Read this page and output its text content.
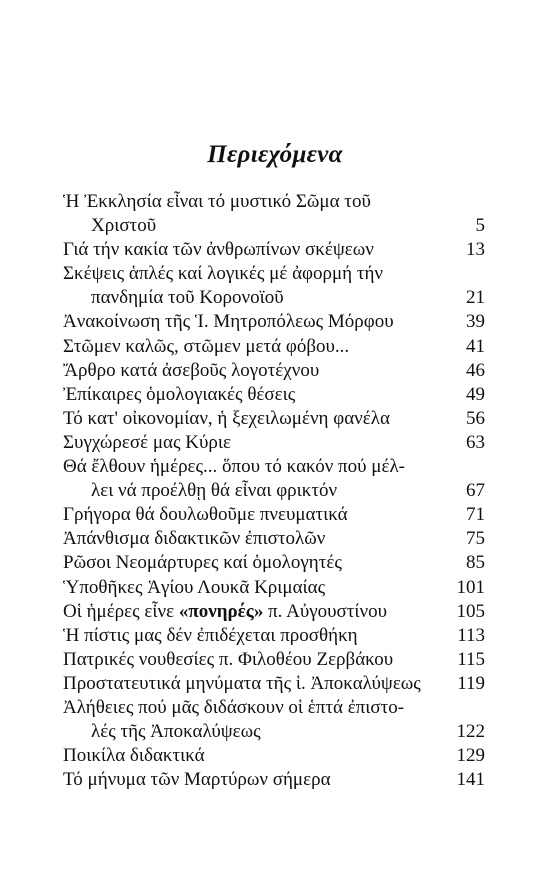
Περιεχόμενα
Ἡ Ἐκκλησία εἶναι τό μυστικό Σῶμα τοῦ
Χριστοῦ	5
Γιά τήν κακία τῶν ἀνθρωπίνων σκέψεων	13
Σκέψεις ἁπλές καί λογικές μέ ἀφορμή τήν
πανδημία τοῦ Κορονοϊοῦ	21
Ἀνακοίνωση τῆς Ἱ. Μητροπόλεως Μόρφου	39
Στῶμεν καλῶς, στῶμεν μετά φόβου...	41
Ἄρθρο κατά ἀσεβοῦς λογοτέχνου	46
Ἐπίκαιρες ὁμολογιακές θέσεις	49
Τό κατ' οἰκονομίαν, ἡ ξεχειλωμένη φανέλα	56
Συγχώρεσέ μας Κύριε	63
Θά ἔλθουν ἡμέρες... ὅπου τό κακόν πού μέλ-
λει νά προέλθῃ θά εἶναι φρικτόν	67
Γρήγορα θά δουλωθοῦμε πνευματικά	71
Ἀπάνθισμα διδακτικῶν ἐπιστολῶν	75
Ρῶσοι Νεομάρτυρες καί ὁμολογητές	85
Ὑποθῆκες Ἁγίου Λουκᾶ Κριμαίας	101
Οἱ ἡμέρες εἶνε «πονηρές» π. Αὐγουστίνου	105
Ἡ πίστις μας δέν ἐπιδέχεται προσθήκη	113
Πατρικές νουθεσίες π. Φιλοθέου Ζερβάκου	115
Προστατευτικά μηνύματα τῆς ἱ. Ἀποκαλύψεως 119
Ἀλήθειες πού μᾶς διδάσκουν οἱ ἑπτά ἐπιστο-
λές τῆς Ἀποκαλύψεως	122
Ποικίλα διδακτικά	129
Τό μήνυμα τῶν Μαρτύρων σήμερα	141
